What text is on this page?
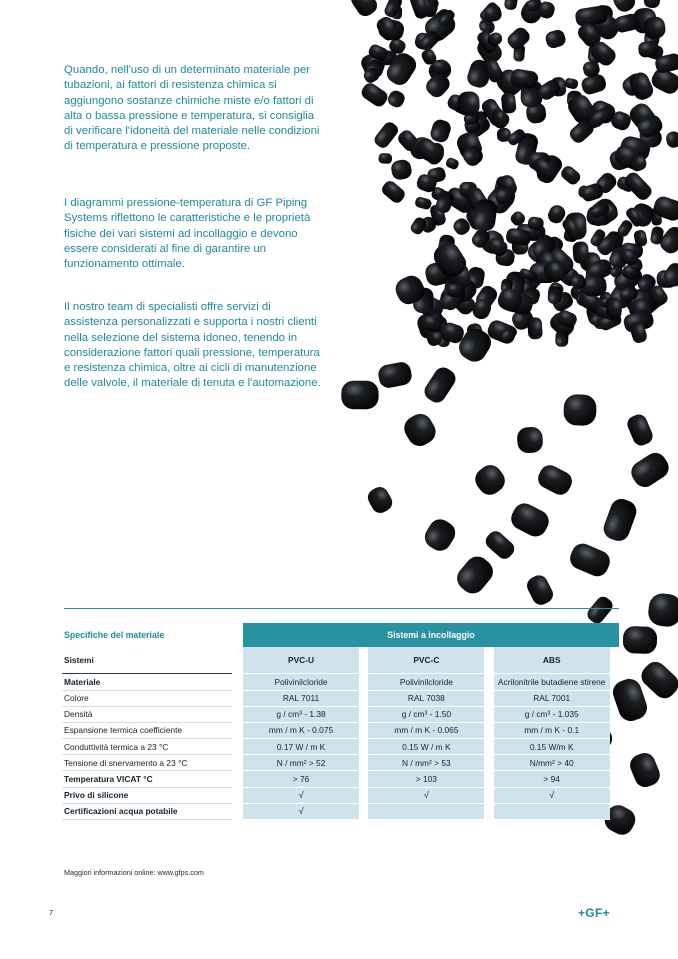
Quando, nell'uso di un determinato materiale per tubazioni, ai fattori di resistenza chimica si aggiungono sostanze chimiche miste e/o fattori di alta o bassa pressione e temperatura, si consiglia di verificare l'idoneità del materiale nelle condizioni di temperatura e pressione proposte.

I diagrammi pressione-temperatura di GF Piping Systems riflettono le caratteristiche e le proprietà fisiche dei vari sistemi ad incollaggio e devono essere considerati al fine di garantire un funzionamento ottimale.

Il nostro team di specialisti offre servizi di assistenza personalizzati e supporta i nostri clienti nella selezione del sistema idoneo, tenendo in considerazione fattori quali pressione, temperatura e resistenza chimica, oltre ai cicli di manutenzione delle valvole, il materiale di tenuta e l'automazione.

Specifiche del materiale		Sistemi a incollaggio					
Sistemi		PVC-U		PVC-C		ABS	
Materiale		Polivinilcloride		Polivinilcloride		Acrilonitrile butadiene stirene	
Colore		RAL 7011		RAL 7038		RAL 7001	
Densità		g / cm³ - 1.38		g / cm³ - 1.50		g / cm³ - 1.035	
Espansione termica coefficiente		mm / m K - 0.075		mm / m K - 0.065		mm / m K - 0.1	
Conduttività termica a 23 °C		0.17 W / m K		0.15 W / m K		0.15 W/m K	
Tensione di snervamento a 23 °C		N / mm² ˃ 52		N / mm² ˃ 53		N/mm² ˃ 40	
Temperatura VICAT °C		˃ 76		˃ 103		˃ 94	
Privo di silicone		√		√		√	
Certificazioni acqua potabile		√					
Maggiori informazioni online: www.gfps.com
7	+GF+
